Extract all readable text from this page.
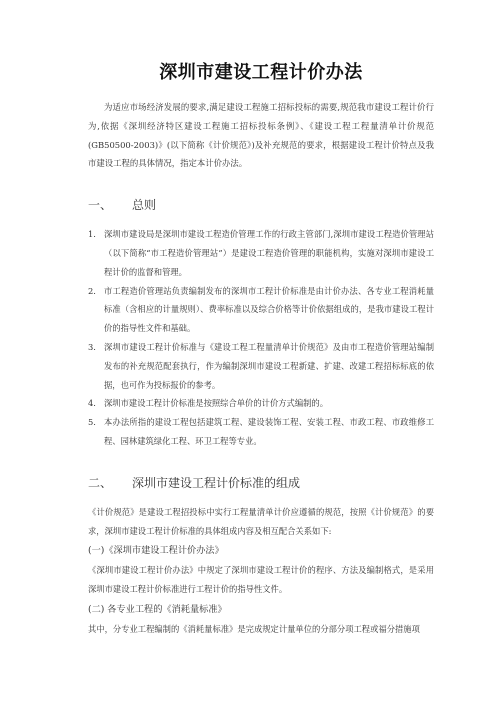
深圳市建设工程计价办法

为适应市场经济发展的要求,满足建设工程施工招标投标的需要,规范我市建设工程计价行为,依据《深圳经济特区建设工程施工招标投标条例》、《建设工程工程量清单计价规范(GB50500-2003)》(以下简称《计价规范》)及补充规范的要求，根据建设工程计价特点及我市建设工程的具体情况，指定本计价办法。

一、 总则
1. 深圳市建设局是深圳市建设工程造价管理工作的行政主管部门,深圳市建设工程造价管理站（以下简称“市工程造价管理站”）是建设工程造价管理的职能机构，实施对深圳市建设工程计价的监督和管理。
2. 市工程造价管理站负责编制发布的深圳市工程计价标准是由计价办法、各专业工程消耗量标准（含相应的计量规则）、费率标准以及综合价格等计价依据组成的，是我市建设工程计价的指导性文件和基础。
3. 深圳市建设工程计价标准与《建设工程工程量清单计价规范》及由市工程造价管理站编制发布的补充规范配套执行，作为编制深圳市建设工程新建、扩建、改建工程招标标底的依据，也可作为投标报价的参考。
4. 深圳市建设工程计价标准是按照综合单价的计价方式编制的。
5. 本办法所指的建设工程包括建筑工程、建设装饰工程、安装工程、市政工程、市政维修工程、园林建筑绿化工程、环卫工程等专业。
二、 深圳市建设工程计价标准的组成

《计价规范》是建设工程招投标中实行工程量清单计价应遵循的规范，按照《计价规范》的要求，深圳市建设工程计价标准的具体组成内容及相互配合关系如下:

(一)《深圳市建设工程计价办法》

《深圳市建设工程计价办法》中规定了深圳市建设工程计价的程序、方法及编制格式，是采用深圳市建设工程计价标准进行工程计价的指导性文件。

(二) 各专业工程的《消耗量标准》

其中，分专业工程编制的《消耗量标准》是完成规定计量单位的分部分项工程或福分措施项
